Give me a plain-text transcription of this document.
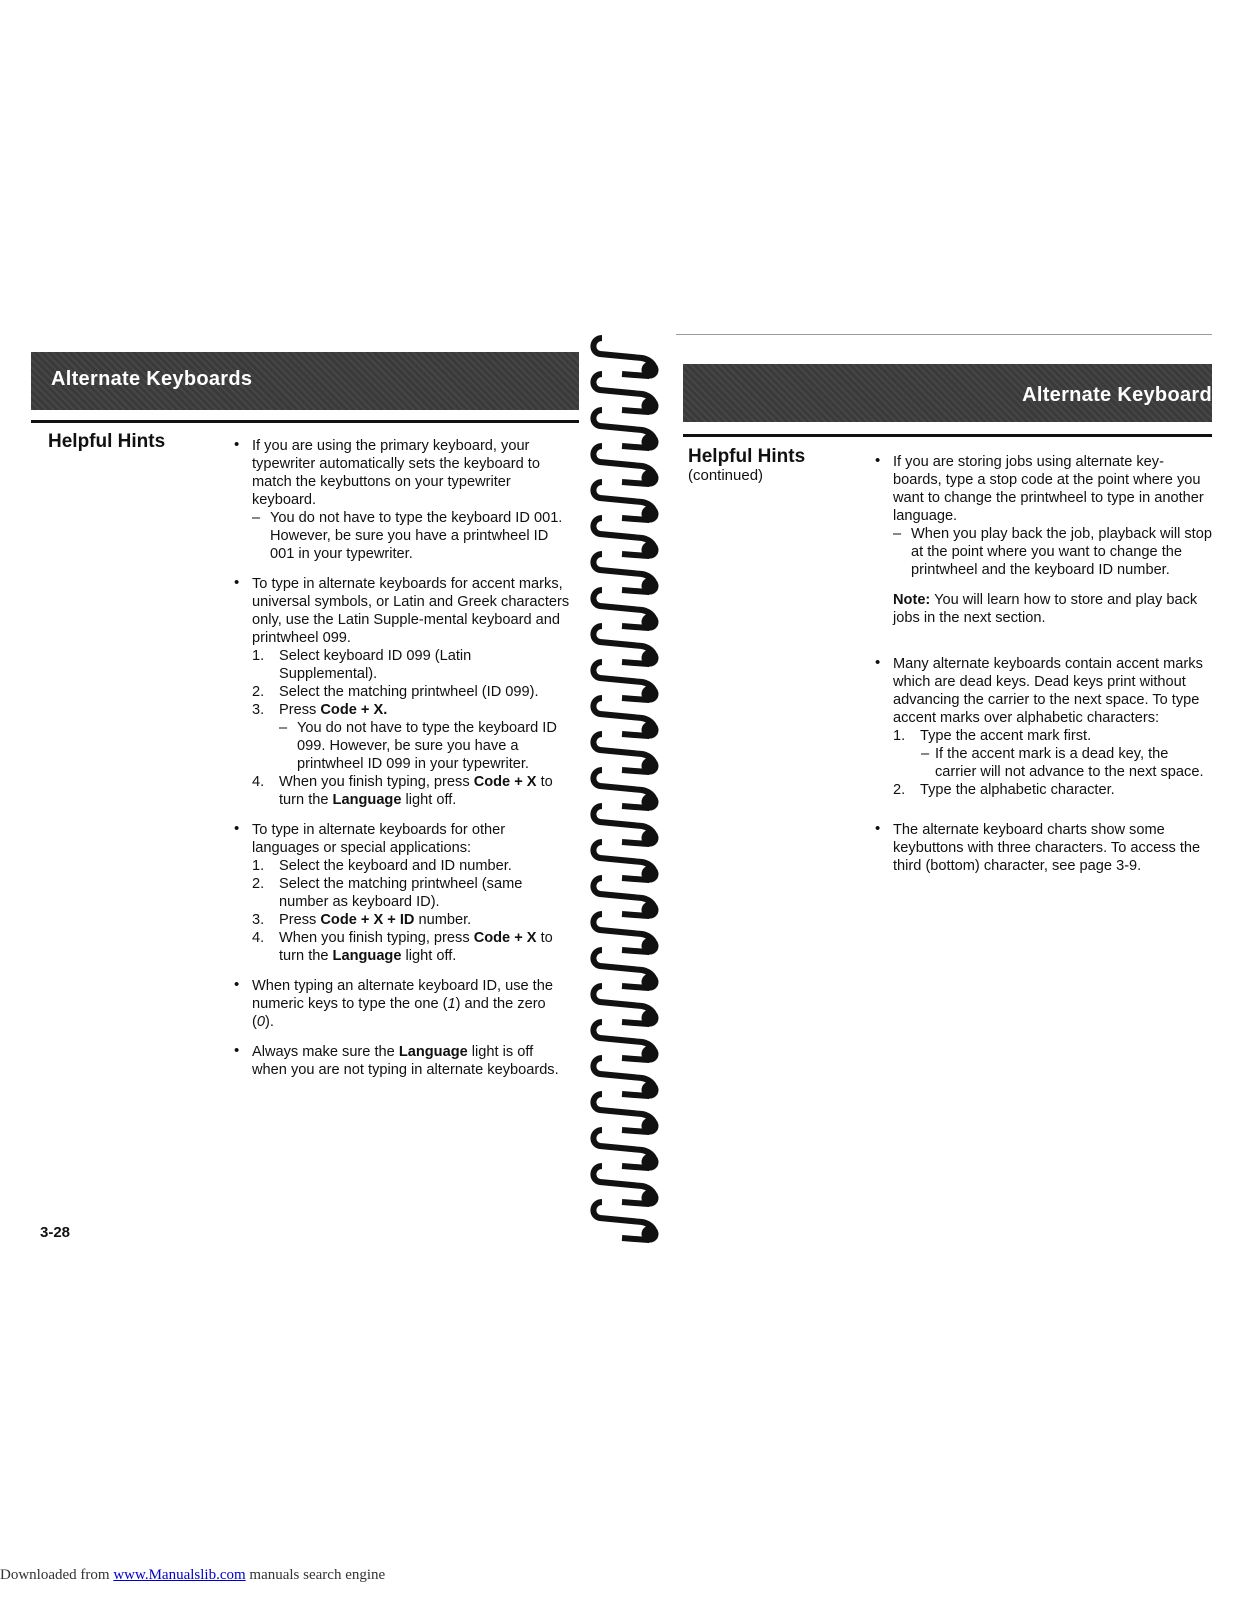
Alternate Keyboards
Helpful Hints	• If you are using the primary keyboard, your typewriter automatically sets the keyboard to match the keybuttons on your typewriter keyboard.
– You do not have to type the keyboard ID 001. However, be sure you have a printwheel ID 001 in your typewriter.
• To type in alternate keyboards for accent marks, universal symbols, or Latin and Greek characters only, use the Latin Supple-mental keyboard and printwheel 099.
1. Select keyboard ID 099 (Latin Supplemental).
2. Select the matching printwheel (ID 099).
3. Press Code + X.
– You do not have to type the keyboard ID 099. However, be sure you have a printwheel ID 099 in your typewriter.
4. When you finish typing, press Code + X to turn the Language light off.
• To type in alternate keyboards for other languages or special applications:
1. Select the keyboard and ID number.
2. Select the matching printwheel (same number as keyboard ID).
3. Press Code + X + ID number.
4. When you finish typing, press Code + X to turn the Language light off.
• When typing an alternate keyboard ID, use the numeric keys to type the one (1) and the zero (0).
• Always make sure the Language light is off when you are not typing in alternate keyboards.
3-28
Alternate Keyboard
Helpful Hints
(continued)
• If you are storing jobs using alternate key-boards, type a stop code at the point where you want to change the printwheel to type in another language.
– When you play back the job, playback will stop at the point where you want to change the printwheel and the keyboard ID number.
Note: You will learn how to store and play back jobs in the next section.
• Many alternate keyboards contain accent marks which are dead keys. Dead keys print without advancing the carrier to the next space. To type accent marks over alphabetic characters:
1. Type the accent mark first.
– If the accent mark is a dead key, the carrier will not advance to the next space.
2. Type the alphabetic character.
• The alternate keyboard charts show some keybuttons with three characters. To access the third (bottom) character, see page 3-9.
Downloaded from www.Manualslib.com manuals search engine
